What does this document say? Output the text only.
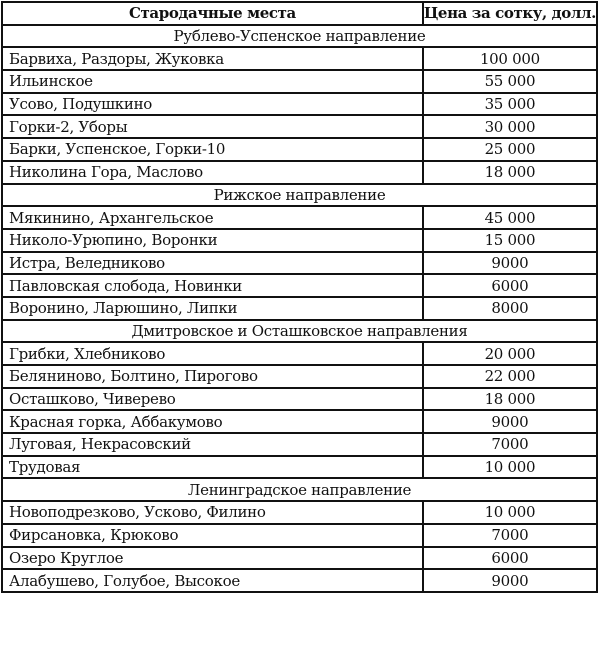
Стародачные места	Цена за сотку, долл.
Рублево-Успенское направление	
Барвиха, Раздоры, Жуковка	100 000
Ильинское	55 000
Усово, Подушкино	35 000
Горки-2, Уборы	30 000
Барки, Успенское, Горки-10	25 000
Николина Гора, Маслово	18 000
Рижское направление	
Мякинино, Архангельское	45 000
Николо-Урюпино, Воронки	15 000
Истра, Веледниково	9000
Павловская слобода, Новинки	6000
Воронино, Ларюшино, Липки	8000
Дмитровское и Осташковское направления	
Грибки, Хлебниково	20 000
Беляниново, Болтино, Пирогово	22 000
Осташково, Чиверево	18 000
Красная горка, Аббакумово	9000
Луговая, Некрасовский	7000
Трудовая	10 000
Ленинградское направление	
Новоподрезково, Усково, Филино	10 000
Фирсановка, Крюково	7000
Озеро Круглое	6000
Алабушево, Голубое, Высокое	9000
